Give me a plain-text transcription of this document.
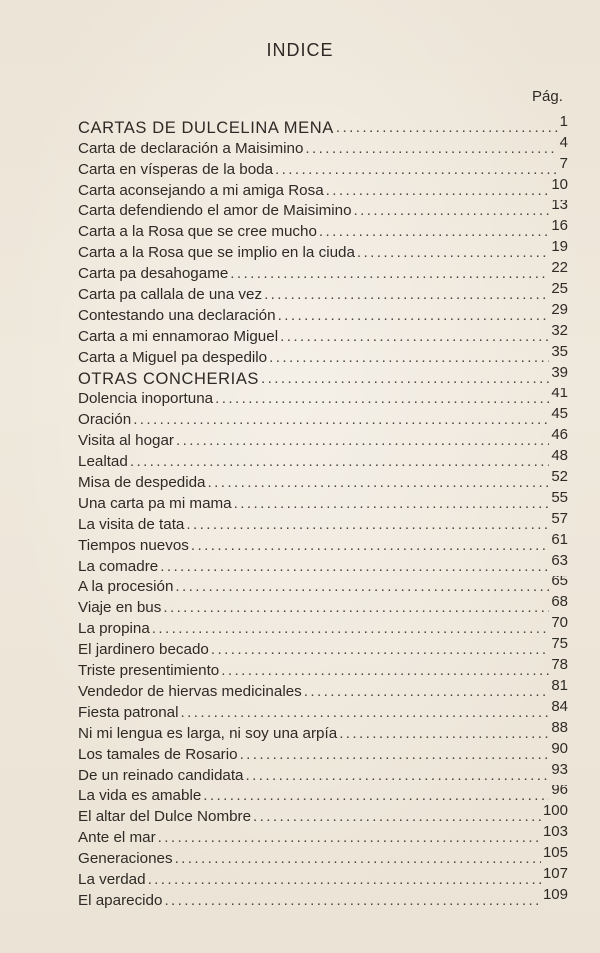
INDICE
Pág.
CARTAS DE DULCELINA MENA .....	1
Carta de declaración a Maisimino .....	4
Carta en vísperas de la boda .....	7
Carta aconsejando a mi amiga Rosa .....	10
Carta defendiendo el amor de Maisimino .....	13
Carta a la Rosa que se cree mucho .....	16
Carta a la Rosa que se implio en la ciuda .....	19
Carta pa desahogame .....	22
Carta pa callala de una vez .....	25
Contestando una declaración .....	29
Carta a mi ennamorao Miguel .....	32
Carta a Miguel pa despedilo .....	35
OTRAS CONCHERIAS .....	39
Dolencia inoportuna .....	41
Oración .....	45
Visita al hogar .....	46
Lealtad .....	48
Misa de despedida .....	52
Una carta pa mi mama .....	55
La visita de tata .....	57
Tiempos nuevos .....	61
La comadre .....	63
A la procesión .....	65
Viaje en bus .....	68
La propina .....	70
El jardinero becado .....	75
Triste presentimiento .....	78
Vendedor de hiervas medicinales .....	81
Fiesta patronal .....	84
Ni mi lengua es larga, ni soy una arpía .....	88
Los tamales de Rosario .....	90
De un reinado candidata .....	93
La vida es amable .....	96
El altar del Dulce Nombre .....	100
Ante el mar .....	103
Generaciones .....	105
La verdad .....	107
El aparecido .....	109
